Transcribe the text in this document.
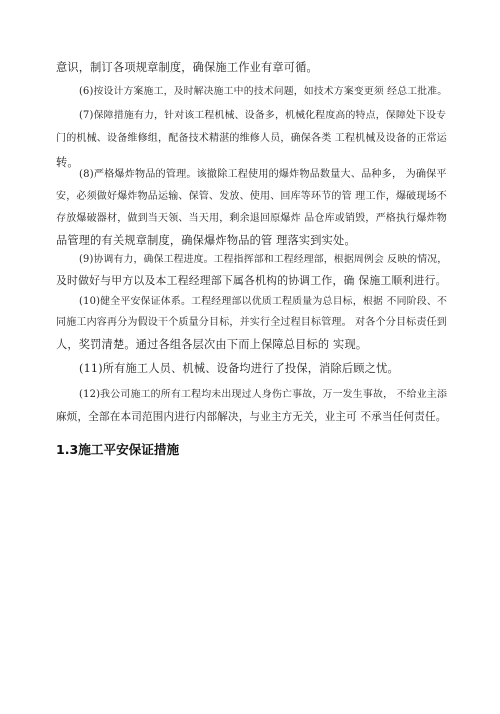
意识，制订各项规章制度，确保施工作业有章可循。
(6)按设计方案施工，及时解决施工中的技术问题，如技术方案变更须 经总工批准。
(7)保障措施有力，针对该工程机械、设备多，机械化程度高的特点，保障处下设专
门的机械、设备维修组，配备技术精湛的维修人员，确保各类 工程机械及设备的正常运
转。
(8)严格爆炸物品的管理。该撤除工程使用的爆炸物品数量大、品种多， 为确保平
安，必须做好爆炸物品运输、保管、发放、使用、回库等环节的管 理工作，爆破现场不
存放爆破器材，做到当天领、当天用，剩余退回原爆炸 品仓库或销毁，严格执行爆炸物
品管理的有关规章制度，确保爆炸物品的管 理落实到实处。
(9)协调有力，确保工程进度。工程指挥部和工程经理部，根据周例会 反映的情况，
及时做好与甲方以及本工程经理部下属各机构的协调工作，确 保施工顺利进行。
(10)健全平安保证体系。工程经理部以优质工程质量为总目标，根据 不同阶段、不
同施工内容再分为假设干个质量分目标，并实行全过程目标管理。 对各个分目标责任到
人，奖罚清楚。通过各组各层次由下而上保障总目标的 实现。
(11)所有施工人员、机械、设备均进行了投保，消除后顾之忧。
(12)我公司施工的所有工程均未出现过人身伤亡事故，万一发生事故， 不给业主添
麻烦，全部在本司范围内进行内部解决，与业主方无关，业主可 不承当任何责任。
1.3施工平安保证措施
